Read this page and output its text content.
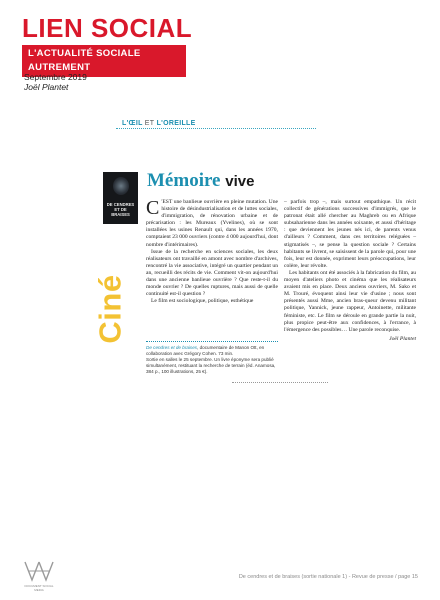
LIEN SOCIAL
L'ACTUALITÉ SOCIALE AUTREMENT
Septembre 2019
Joël Plantet
L'ŒIL ET L'OREILLE
DE CENDRES ET DE BRAISES
Ciné
Mémoire vive

C 'EST une banlieue ouvrière en pleine mutation. Une histoire de désindustrialisation et de luttes sociales, d'immigration, de rénovation urbaine et de précarisation : les Mureaux (Yvelines), où se sont installées les usines Renault qui, dans les années 1970, comptaient 23 000 ouvriers (contre 4 000 aujourd'hui, dont nombre d'intérimaires).

Issue de la recherche en sciences sociales, les deux réalisateurs ont travaillé en amont avec nombre d'archives, rencontré la vie associative, intégré un quartier pendant un an, recueilli des récits de vie. Comment vit-on aujourd'hui dans une ancienne banlieue ouvrière ? Que reste-t-il du monde ouvrier ? De quelles ruptures, mais aussi de quelle continuité est-il question ?

Le film est sociologique, politique, esthétique

De cendres et de braises, documentaire de Manon Ott, en collaboration avec Grégory Cohen. 73 min.
Sortie en salles le 25 septembre. Un livre éponyme sera publié simultanément, restituant la recherche de terrain (éd. Anamosa, 384 p., 100 illustrations, 25 €).

– parfois trop –, mais surtout empathique. Un récit collectif de générations successives d'immigrés, que le patronat était allé chercher au Maghreb ou en Afrique subsaharienne dans les années soixante, et aussi d'héritage : que deviennent les jeunes nés ici, de parents venus d'ailleurs ? Comment, dans ces territoires reléguées – stigmatisés –, se pense la question sociale ? Certains habitants se livrent, se saisissent de la parole qui, pour une fois, leur est donnée, expriment leurs préoccupations, leur colère, leur révolte.

Les habitants ont été associés à la fabrication du film, au moyen d'ateliers photo et cinéma que les réalisateurs avaient mis en place. Deux anciens ouvriers, M. Sako et M. Trouré, évoquent ainsi leur vie d'usine ; nous sont présentés aussi Mme, ancien bras-queur devenu militant politique, Yannick, jeune rappeur, Antoinette, militante féministe, etc. Le film se déroule en grande partie la nuit, plus propice peut-être aux confidences, à l'errance, à l'émergence des possibles… Une parole reconquise.

Joël Plantet
DOCUMENT SOCIAL MEDIA
De cendres et de braises (sortie nationale 1) - Revue de presse / page 15
